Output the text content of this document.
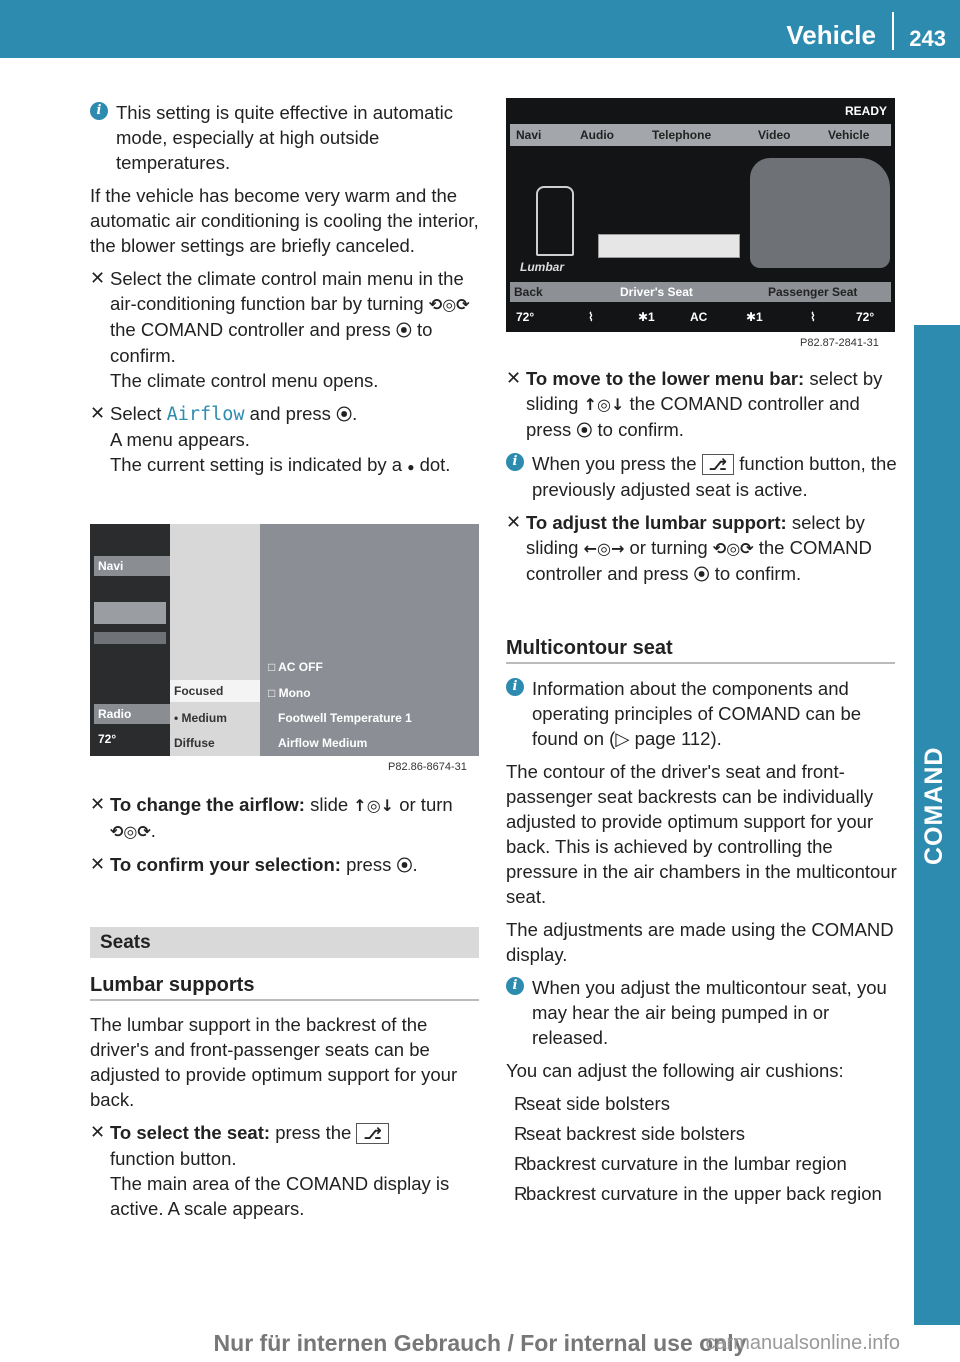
Vehicle 243
COMAND
i This setting is quite effective in automatic mode, especially at high outside temperatures.

If the vehicle has become very warm and the automatic air conditioning is cooling the interior, the blower settings are briefly canceled.

✕ Select the climate control main menu in the air-conditioning function bar by turning ⟲◎⟳ the COMAND controller and press ⦿ to confirm.
The climate control menu opens.
✕ Select Airflow and press ⦿.
A menu appears.
The current setting is indicated by a ● dot.
Navi
Radio
72°
Focused
• Medium
Diffuse
□ AC OFF
□ Mono
Footwell Temperature 1
Airflow Medium
P82.86-8674-31
✕ To change the airflow: slide ↑◎↓ or turn
⟲◎⟳.
✕ To confirm your selection: press ⦿.
Seats
Lumbar supports

The lumbar support in the backrest of the driver's and front-passenger seats can be adjusted to provide optimum support for your back.

✕ To select the seat: press the ⎇
function button.
The main area of the COMAND display is active. A scale appears.
READY
Navi	Audio	Telephone	Video	Vehicle
Lumbar
Back	Driver's Seat	Passenger Seat
72°	⌇	✱1	AC	✱1	⌇	72°
P82.87-2841-31
✕ To move to the lower menu bar: select by sliding ↑◎↓ the COMAND controller and press ⦿ to confirm.
i When you press the ⎇ function button, the previously adjusted seat is active.
✕ To adjust the lumbar support: select by sliding ←◎→ or turning ⟲◎⟳ the COMAND controller and press ⦿ to confirm.
Multicontour seat
i Information about the components and operating principles of COMAND can be found on (▷ page 112).

The contour of the driver's seat and front-passenger seat backrests can be individually adjusted to provide optimum support for your back. This is achieved by controlling the pressure in the air chambers in the multicontour seat.

The adjustments are made using the COMAND display.

i When you adjust the multicontour seat, you may hear the air being pumped in or released.

You can adjust the following air cushions:

R
seat side bolsters
R
seat backrest side bolsters
R
backrest curvature in the lumbar region
R
backrest curvature in the upper back region
Nur für internen Gebrauch / For internal use only
carmanualsonline.info
